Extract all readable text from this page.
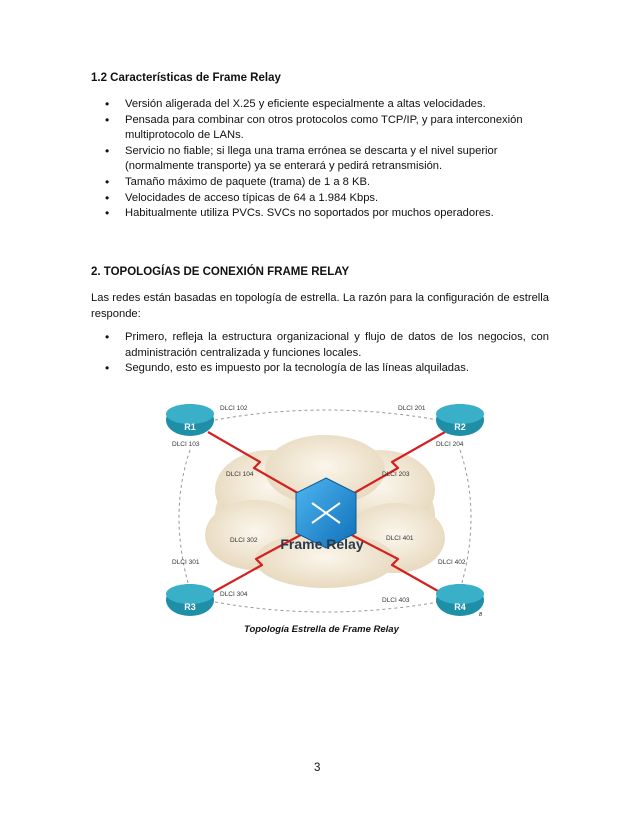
1.2 Características de Frame Relay
• Versión aligerada del X.25 y eficiente especialmente a altas velocidades.
• Pensada para combinar con otros protocolos como TCP/IP, y para interconexión multiprotocolo de LANs.
• Servicio no fiable; si llega una trama errónea se descarta y el nivel superior (normalmente transporte) ya se enterará y pedirá retransmisión.
• Tamaño máximo de paquete (trama) de 1 a 8 KB.
• Velocidades de acceso típicas de 64 a 1.984 Kbps.
• Habitualmente utiliza PVCs. SVCs no soportados por muchos operadores.
2. TOPOLOGÍAS DE CONEXIÓN FRAME RELAY
Las redes están basadas en topología de estrella. La razón para la configuración de estrella responde:
• Primero, refleja la estructura organizacional y flujo de datos de los negocios, con administración centralizada y funciones locales.
• Segundo, esto es impuesto por la tecnología de las líneas alquiladas.
Frame Relay
R1	R2
R3	R4
DLCI 102
DLCI 103
DLCI 104
DLCI 201
DLCI 204
DLCI 203
DLCI 301
DLCI 302
DLCI 304
DLCI 401
DLCI 402
DLCI 403
8
Topología Estrella de Frame Relay
3
